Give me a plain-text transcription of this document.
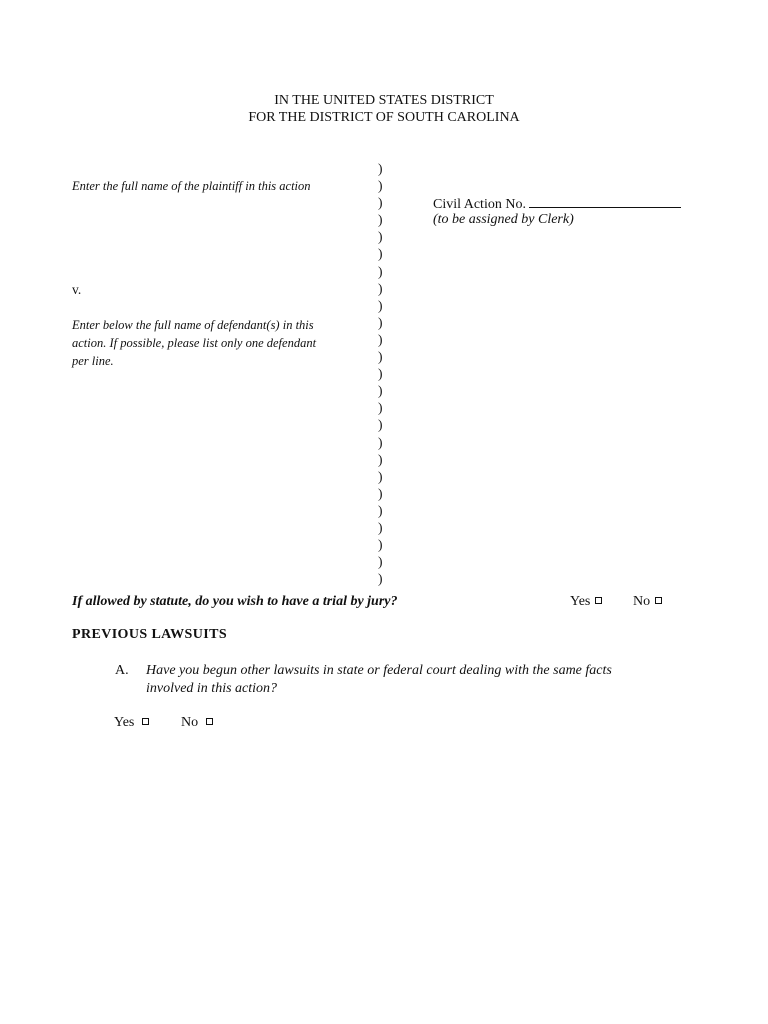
IN THE UNITED STATES DISTRICT
FOR THE DISTRICT OF SOUTH CAROLINA
Enter the full name of the plaintiff in this action
v.
Enter below the full name of defendant(s) in this
action. If possible, please list only one defendant
per line.
)
)
)
)
)
)
)
)
)
)
)
)
)
)
)
)
)
)
)
)
)
)
)
)
)
Civil Action No.
(to be assigned by Clerk)
If allowed by statute, do you wish to have a trial by jury?	Yes	No
PREVIOUS LAWSUITS
A. Have you begun other lawsuits in state or federal court dealing with the same facts
involved in this action?
Yes	No
